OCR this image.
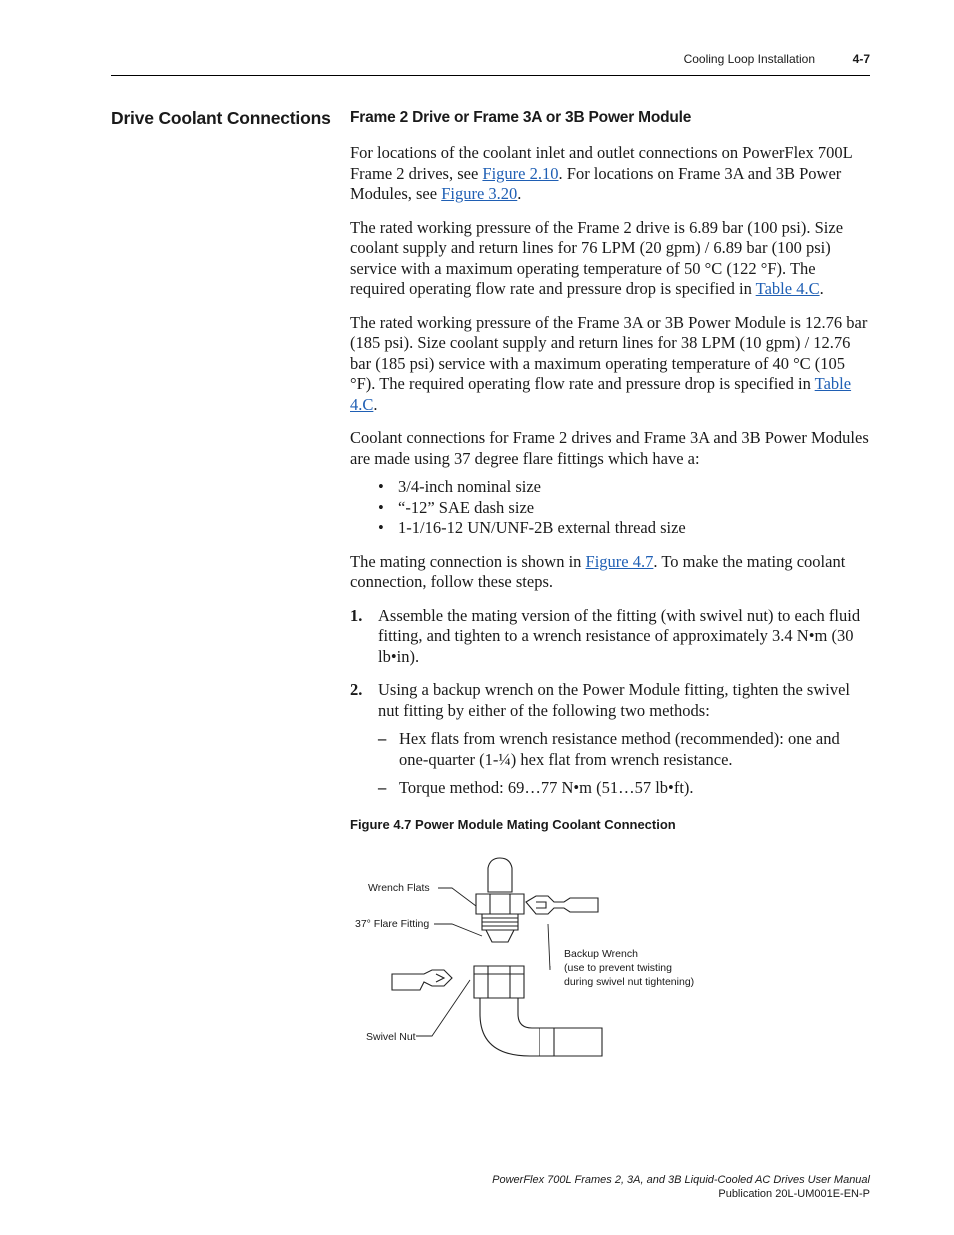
Cooling Loop Installation	4-7
Drive Coolant Connections Frame 2 Drive or Frame 3A or 3B Power Module

For locations of the coolant inlet and outlet connections on PowerFlex 700L Frame 2 drives, see Figure 2.10. For locations on Frame 3A and 3B Power Modules, see Figure 3.20.

The rated working pressure of the Frame 2 drive is 6.89 bar (100 psi). Size coolant supply and return lines for 76 LPM (20 gpm) / 6.89 bar (100 psi) service with a maximum operating temperature of 50 °C (122 °F). The required operating flow rate and pressure drop is specified in Table 4.C.

The rated working pressure of the Frame 3A or 3B Power Module is 12.76 bar (185 psi). Size coolant supply and return lines for 38 LPM (10 gpm) / 12.76 bar (185 psi) service with a maximum operating temperature of 40 °C (105 °F). The required operating flow rate and pressure drop is specified in Table 4.C.

Coolant connections for Frame 2 drives and Frame 3A and 3B Power Modules are made using 37 degree flare fittings which have a:

• 3/4-inch nominal size
• “-12” SAE dash size
• 1-1/16-12 UN/UNF-2B external thread size

The mating connection is shown in Figure 4.7. To make the mating coolant connection, follow these steps.

1. Assemble the mating version of the fitting (with swivel nut) to each fluid fitting, and tighten to a wrench resistance of approximately 3.4 N•m (30 lb•in).
2. Using a backup wrench on the Power Module fitting, tighten the swivel nut fitting by either of the following two methods:
– Hex flats from wrench resistance method (recommended): one and one-quarter (1-¼) hex flat from wrench resistance.
– Torque method: 69…77 N•m (51…57 lb•ft).
Figure 4.7 Power Module Mating Coolant Connection
Wrench Flats
37° Flare Fitting
Backup Wrench
(use to prevent twisting
during swivel nut tightening)
Swivel Nut
PowerFlex 700L Frames 2, 3A, and 3B Liquid-Cooled AC Drives User Manual
Publication 20L-UM001E-EN-P
